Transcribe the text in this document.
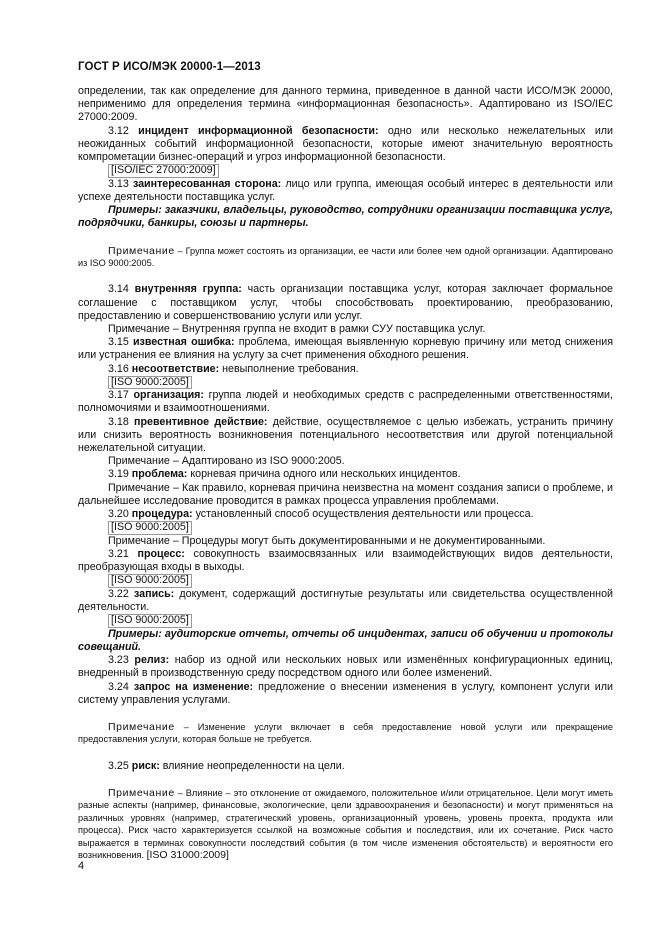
ГОСТ Р ИСО/МЭК 20000-1—2013

определении, так как определение для данного термина, приведенное в данной части ИСО/МЭК 20000, неприменимо для определения термина «информационная безопасность». Адаптировано из ISO/IEC 27000:2009.

3.12 инцидент информационной безопасности: одно или несколько нежелательных или неожиданных событий информационной безопасности, которые имеют значительную вероятность компрометации бизнес-операций и угроз информационной безопасности.

[ISO/IEC 27000:2009]

3.13 заинтересованная сторона: лицо или группа, имеющая особый интерес в деятельности или успехе деятельности поставщика услуг.

Примеры: заказчики, владельцы, руководство, сотрудники организации поставщика услуг, подрядчики, банкиры, союзы и партнеры.

Примечание – Группа может состоять из организации, ее части или более чем одной организации. Адаптировано из ISO 9000:2005.

3.14 внутренняя группа: часть организации поставщика услуг, которая заключает формальное соглашение с поставщиком услуг, чтобы способствовать проектированию, преобразованию, предоставлению и совершенствованию услуги или услуг.

Примечание – Внутренняя группа не входит в рамки СУУ поставщика услуг.

3.15 известная ошибка: проблема, имеющая выявленную корневую причину или метод снижения или устранения ее влияния на услугу за счет применения обходного решения.

3.16 несоответствие: невыполнение требования.

[ISO 9000:2005]

3.17 организация: группа людей и необходимых средств с распределенными ответственностями, полномочиями и взаимоотношениями.

3.18 превентивное действие: действие, осуществляемое с целью избежать, устранить причину или снизить вероятность возникновения потенциального несоответствия или другой потенциальной нежелательной ситуации.

Примечание – Адаптировано из ISO 9000:2005.

3.19 проблема: корневая причина одного или нескольких инцидентов.

Примечание – Как правило, корневая причина неизвестна на момент создания записи о проблеме, и дальнейшее исследование проводится в рамках процесса управления проблемами.

3.20 процедура: установленный способ осуществления деятельности или процесса.

[ISO 9000:2005]

Примечание – Процедуры могут быть документированными и не документированными.

3.21 процесс: совокупность взаимосвязанных или взаимодействующих видов деятельности, преобразующая входы в выходы.

[ISO 9000:2005]

3.22 запись: документ, содержащий достигнутые результаты или свидетельства осуществленной деятельности.

[ISO 9000:2005]

Примеры: аудиторские отчеты, отчеты об инцидентах, записи об обучении и протоколы совещаний.

3.23 релиз: набор из одной или нескольких новых или изменённых конфигурационных единиц, внедренный в производственную среду посредством одного или более изменений.

3.24 запрос на изменение: предложение о внесении изменения в услугу, компонент услуги или систему управления услугами.

Примечание – Изменение услуги включает в себя предоставление новой услуги или прекращение предоставления услуги, которая больше не требуется.

3.25 риск: влияние неопределенности на цели.

Примечание – Влияние – это отклонение от ожидаемого, положительное и/или отрицательное. Цели могут иметь разные аспекты (например, финансовые, экологические, цели здравоохранения и безопасности) и могут применяться на различных уровнях (например, стратегический уровень, организационный уровень, уровень проекта, продукта или процесса). Риск часто характеризуется ссылкой на возможные события и последствия, или их сочетание. Риск часто выражается в терминах совокупности последствий события (в том числе изменения обстоятельств) и вероятности его возникновения. [ISO 31000:2009]

4
